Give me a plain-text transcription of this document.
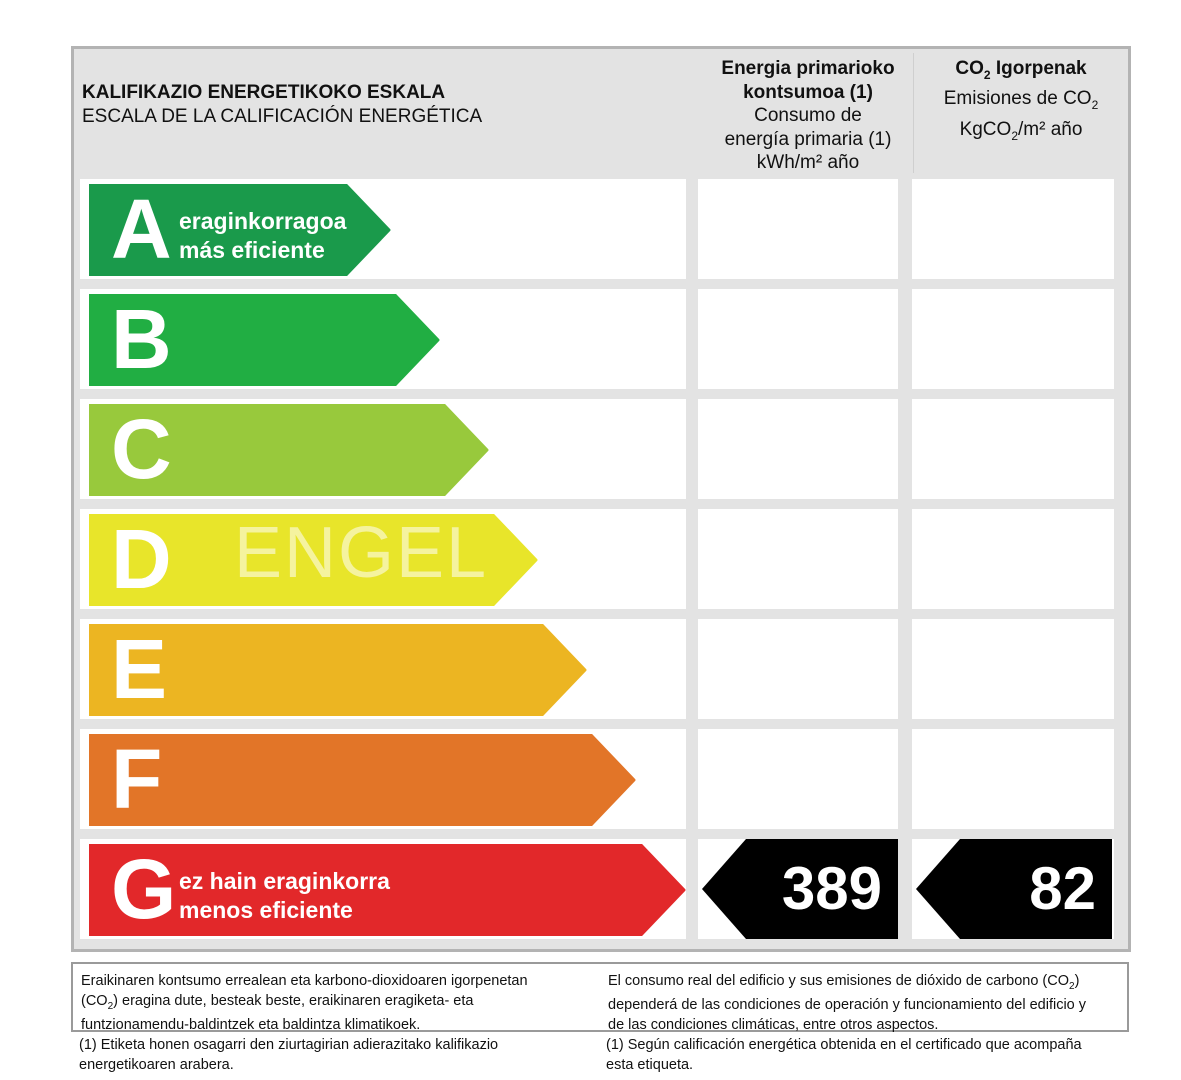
KALIFIKAZIO ENERGETIKOKO ESKALA
ESCALA DE LA CALIFICACIÓN ENERGÉTICA
Energia primarioko
kontsumoa (1)
Consumo de
energía primaria (1)
kWh/m² año
$CO_2$ Igorpenak
Emisiones de $CO_2$
KgCO$_2$/m² año
A eraginkorragoa
más eficiente
B
C
D
E
F
G ez hain eraginkorra
menos eficiente	389 82
ENGEL
Eraikinaren kontsumo errealean eta karbono-dioxidoaren igorpenetan
$(CO_2)$ eragina dute, besteak beste, eraikinaren eragiketa- eta
funtzionamendu-baldintzek eta baldintza klimatikoek.
El consumo real del edificio y sus emisiones de dióxido de carbono $(CO_2)$
dependerá de las condiciones de operación y funcionamiento del edificio y
de las condiciones climáticas, entre otros aspectos.
(1) Etiketa honen osagarri den ziurtagirian adierazitako kalifikazio
energetikoaren arabera.
(1) Según calificación energética obtenida en el certificado que acompaña
esta etiqueta.
